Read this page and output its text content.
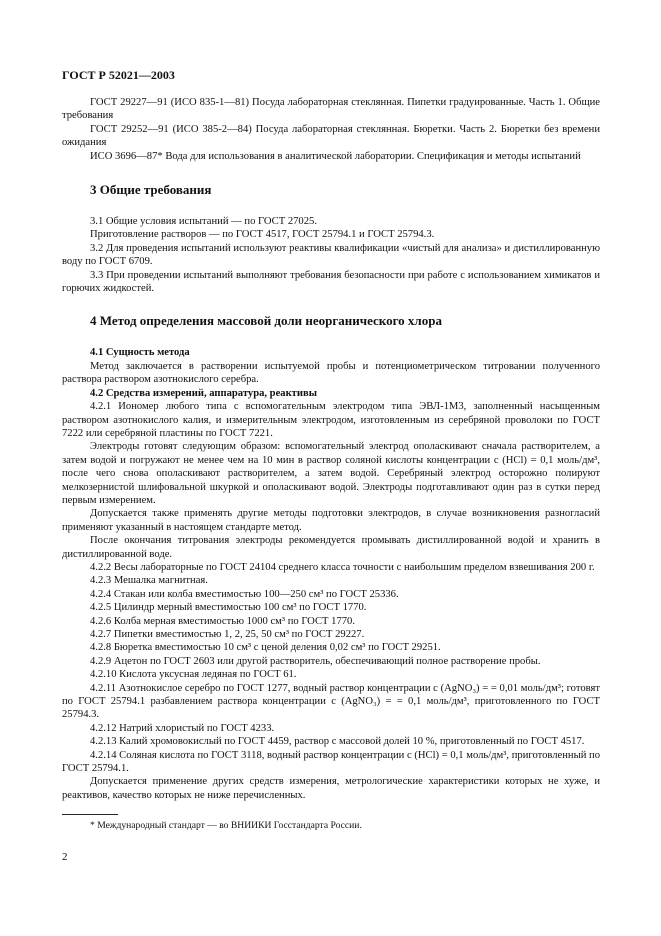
ГОСТ Р 52021—2003

ГОСТ 29227—91 (ИСО 835-1—81) Посуда лабораторная стеклянная. Пипетки градуированные. Часть 1. Общие требования

ГОСТ 29252—91 (ИСО 385-2—84) Посуда лабораторная стеклянная. Бюретки. Часть 2. Бюретки без времени ожидания

ИСО 3696—87* Вода для использования в аналитической лаборатории. Спецификация и методы испытаний

3 Общие требования

3.1 Общие условия испытаний — по ГОСТ 27025.

Приготовление растворов — по ГОСТ 4517, ГОСТ 25794.1 и ГОСТ 25794.3.

3.2 Для проведения испытаний используют реактивы квалификации «чистый для анализа» и дистиллированную воду по ГОСТ 6709.

3.3 При проведении испытаний выполняют требования безопасности при работе с использованием химикатов и горючих жидкостей.

4 Метод определения массовой доли неорганического хлора
4.1 Сущность метода

Метод заключается в растворении испытуемой пробы и потенциометрическом титровании полученного раствора раствором азотнокислого серебра.

4.2 Средства измерений, аппаратура, реактивы

4.2.1 Иономер любого типа с вспомогательным электродом типа ЭВЛ-1М3, заполненный насыщенным раствором азотнокислого калия, и измерительным электродом, изготовленным из серебряной проволоки по ГОСТ 7222 или серебряной пластины по ГОСТ 7221.

Электроды готовят следующим образом: вспомогательный электрод ополаскивают сначала растворителем, а затем водой и погружают не менее чем на 10 мин в раствор соляной кислоты концентрации c (HCl) = 0,1 моль/дм³, после чего снова ополаскивают растворителем, а затем водой. Серебряный электрод осторожно полируют мелкозернистой шлифовальной шкуркой и ополаскивают водой. Электроды подготавливают один раз в сутки перед первым измерением.

Допускается также применять другие методы подготовки электродов, в случае возникновения разногласий применяют указанный в настоящем стандарте метод.

После окончания титрования электроды рекомендуется промывать дистиллированной водой и хранить в дистиллированной воде.

4.2.2 Весы лабораторные по ГОСТ 24104 среднего класса точности с наибольшим пределом взвешивания 200 г.

4.2.3 Мешалка магнитная.

4.2.4 Стакан или колба вместимостью 100—250 см³ по ГОСТ 25336.

4.2.5 Цилиндр мерный вместимостью 100 см³ по ГОСТ 1770.

4.2.6 Колба мерная вместимостью 1000 см³ по ГОСТ 1770.

4.2.7 Пипетки вместимостью 1, 2, 25, 50 см³ по ГОСТ 29227.

4.2.8 Бюретка вместимостью 10 см³ с ценой деления 0,02 см³ по ГОСТ 29251.

4.2.9 Ацетон по ГОСТ 2603 или другой растворитель, обеспечивающий полное растворение пробы.

4.2.10 Кислота уксусная ледяная по ГОСТ 61.

4.2.11 Азотнокислое серебро по ГОСТ 1277, водный раствор концентрации c (AgNO₃) = = 0,01 моль/дм³; готовят по ГОСТ 25794.1 разбавлением раствора концентрации c (AgNO₃) = = 0,1 моль/дм³, приготовленного по ГОСТ 25794.3.

4.2.12 Натрий хлористый по ГОСТ 4233.

4.2.13 Калий хромовокислый по ГОСТ 4459, раствор с массовой долей 10 %, приготовленный по ГОСТ 4517.

4.2.14 Соляная кислота по ГОСТ 3118, водный раствор концентрации c (HCl) = 0,1 моль/дм³, приготовленный по ГОСТ 25794.1.

Допускается применение других средств измерения, метрологические характеристики которых не хуже, и реактивов, качество которых не ниже перечисленных.

* Международный стандарт — во ВНИИКИ Госстандарта России.
2
